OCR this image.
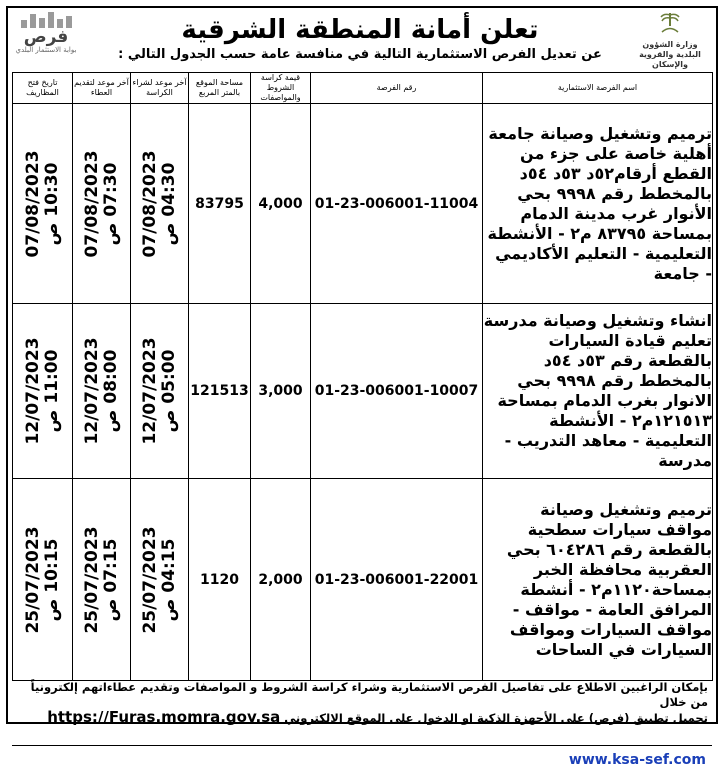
فرص
بوابة الاستثمار البلدي
وزارة الشؤون البلدية والقروية والإسكان
تعلن أمانة المنطقة الشرقية
عن تعديل الفرص الاستثمارية التالية في منافسة عامة حسب الجدول التالي :
اسم الفرصة الاستثمارية	رقم الفرصة	قيمة كراسة الشروط والمواصفات	مساحة الموقع بالمتر المربع	آخر موعد لشراء الكراسة	آخر موعد لتقديم العطاء	تاريخ فتح المظاريف
ترميم وتشغيل وصيانة جامعة أهلية خاصة على جزء من القطع أرقام٥٢د ٥٣د ٥٤د بالمخطط رقم ٩٩٩٨ بحي الأنوار غرب مدينة الدمام بمساحة ٨٣٧٩٥ م٢ - الأنشطة التعليمية - التعليم الأكاديمي - جامعة	01-23-006001-11004	4,000	83795	07/08/2023 04:30 ص	07/08/2023 07:30 ص	07/08/2023 10:30 ص

انشاء وتشغيل وصيانة مدرسة تعليم قيادة السيارات بالقطعة رقم ٥٣د ٥٤د بالمخطط رقم ٩٩٩٨ بحي الانوار بغرب الدمام بمساحة ١٢١٥١٣م٢ - الأنشطة التعليمية - معاهد التدريب - مدرسة	01-23-006001-10007	3,000	121513	12/07/2023 05:00 ص	12/07/2023 08:00 ص	12/07/2023 11:00 ص

ترميم وتشغيل وصيانة مواقف سيارات سطحية بالقطعة رقم ٦٠٤٢٨٦ بحي العقربية محافظة الخبر بمساحة١١٢٠م٢ - أنشطة المرافق العامة - مواقف - مواقف السيارات ومواقف السيارات في الساحات	01-23-006001-22001	2,000	1120	25/07/2023 04:15 ص	25/07/2023 07:15 ص	25/07/2023 10:15 ص
بإمكان الراغبين الاطلاع على تفاصيل الفرص الاستثمارية وشراء كراسة الشروط و المواصفات وتقديم عطاءاتهم إلكترونياً من خلال
تحميل تطبيق (فرص) على الأجهزة الذكية او الدخول على الموقع الالكتروني https://Furas.momra.gov.sa
www.ksa-sef.com
